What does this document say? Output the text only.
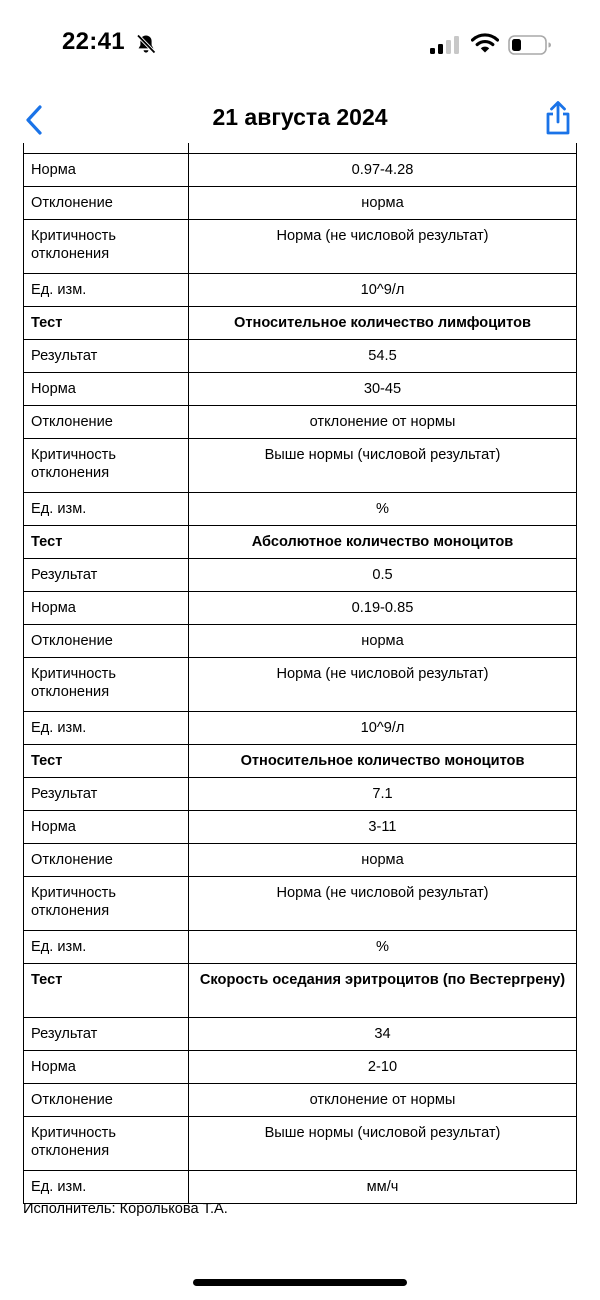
22:41
21 августа 2024
Норма	0.97-4.28
Отклонение	норма
Критичность отклонения	Норма (не числовой результат)
Ед. изм.	10^9/л
Тест	Относительное количество лимфоцитов
Результат	54.5
Норма	30-45
Отклонение	отклонение от нормы
Критичность отклонения	Выше нормы (числовой результат)
Ед. изм.	%
Тест	Абсолютное количество моноцитов
Результат	0.5
Норма	0.19-0.85
Отклонение	норма
Критичность отклонения	Норма (не числовой результат)
Ед. изм.	10^9/л
Тест	Относительное количество моноцитов
Результат	7.1
Норма	3-11
Отклонение	норма
Критичность отклонения	Норма (не числовой результат)
Ед. изм.	%
Тест	Скорость оседания эритроцитов (по Вестергрену)
Результат	34
Норма	2-10
Отклонение	отклонение от нормы
Критичность отклонения	Выше нормы (числовой результат)
Ед. изм.	мм/ч
Исполнитель: Королькова Т.А.
